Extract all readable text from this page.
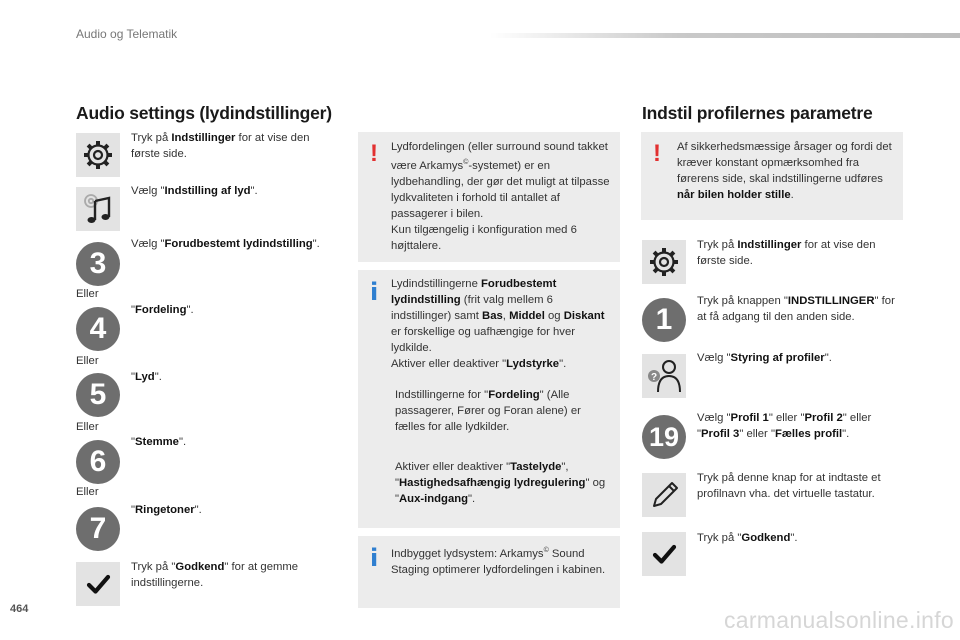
Audio og Telematik
Audio settings (lydindstillinger)
Tryk på Indstillinger for at vise den første side.
Vælg "Indstilling af lyd".
3
Vælg "Forudbestemt lydindstilling".
Eller
4
"Fordeling".
Eller
5
"Lyd".
Eller
6
"Stemme".
Eller
7
"Ringetoner".
Tryk på "Godkend" for at gemme indstillingerne.
! Lydfordelingen (eller surround sound takket være Arkamys©-systemet) er en lydbehandling, der gør det muligt at tilpasse lydkvaliteten i forhold til antallet af passagerer i bilen.
Kun tilgængelig i konfiguration med 6 højttalere.
i Lydindstillingerne Forudbestemt lydindstilling (frit valg mellem 6 indstillinger) samt Bas, Middel og Diskant er forskellige og uafhængige for hver lydkilde.
Aktiver eller deaktiver "Lydstyrke".
Indstillingerne for "Fordeling" (Alle passagerer, Fører og Foran alene) er fælles for alle lydkilder.
Aktiver eller deaktiver "Tastelyde", "Hastighedsafhængig lydregulering" og "Aux-indgang".
i Indbygget lydsystem: Arkamys© Sound Staging optimerer lydfordelingen i kabinen.
Indstil profilernes parametre
! Af sikkerhedsmæssige årsager og fordi det kræver konstant opmærksomhed fra førerens side, skal indstillingerne udføres når bilen holder stille.
Tryk på Indstillinger for at vise den første side.
1
Tryk på knappen "INDSTILLINGER" for at få adgang til den anden side.
?
Vælg "Styring af profiler".
19
Vælg "Profil 1" eller "Profil 2" eller "Profil 3" eller "Fælles profil".
Tryk på denne knap for at indtaste et profilnavn vha. det virtuelle tastatur.
Tryk på "Godkend".
464	carmanualsonline.info
